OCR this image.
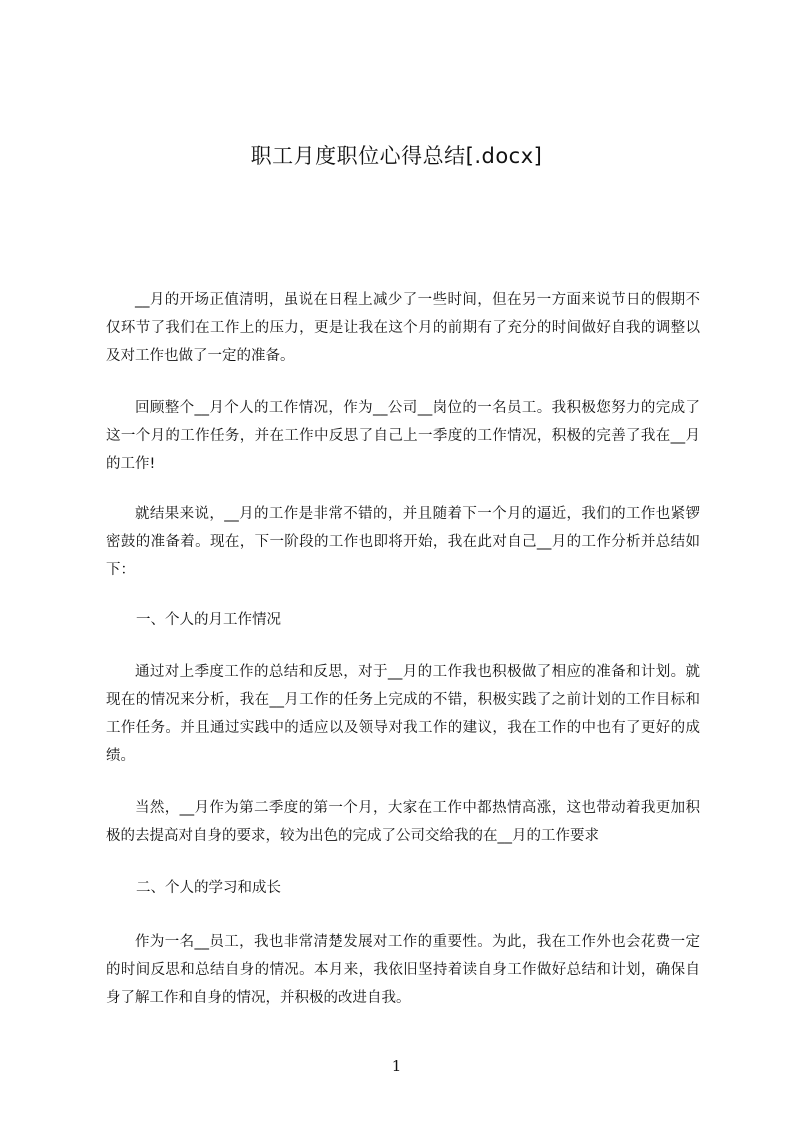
职工月度职位心得总结[.docx]

__月的开场正值清明，虽说在日程上减少了一些时间，但在另一方面来说节日的假期不仅环节了我们在工作上的压力，更是让我在这个月的前期有了充分的时间做好自我的调整以及对工作也做了一定的准备。

回顾整个__月个人的工作情况，作为__公司__岗位的一名员工。我积极您努力的完成了这一个月的工作任务，并在工作中反思了自己上一季度的工作情况，积极的完善了我在__月的工作!

就结果来说，__月的工作是非常不错的，并且随着下一个月的逼近，我们的工作也紧锣密鼓的准备着。现在，下一阶段的工作也即将开始，我在此对自己__月的工作分析并总结如下：

一、个人的月工作情况

通过对上季度工作的总结和反思，对于__月的工作我也积极做了相应的准备和计划。就现在的情况来分析，我在__月工作的任务上完成的不错，积极实践了之前计划的工作目标和工作任务。并且通过实践中的适应以及领导对我工作的建议，我在工作的中也有了更好的成绩。

当然，__月作为第二季度的第一个月，大家在工作中都热情高涨，这也带动着我更加积极的去提高对自身的要求，较为出色的完成了公司交给我的在__月的工作要求

二、个人的学习和成长

作为一名__员工，我也非常清楚发展对工作的重要性。为此，我在工作外也会花费一定的时间反思和总结自身的情况。本月来，我依旧坚持着读自身工作做好总结和计划，确保自身了解工作和自身的情况，并积极的改进自我。

1
